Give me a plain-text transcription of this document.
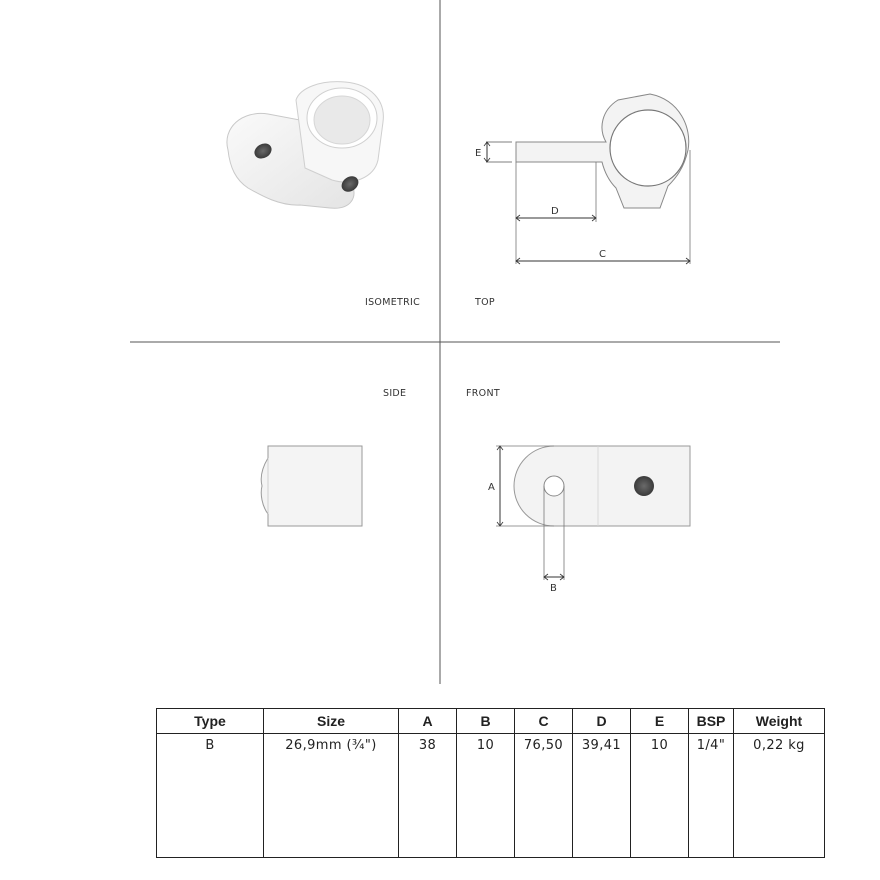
E
D
C
ISOMETRIC	TOP
SIDE	FRONT
A
B
Type	Size	A	B	C	D	E	BSP	Weight
B	26,9mm (¾")	38	10	76,50	39,41	10	1/4"	0,22 kg
